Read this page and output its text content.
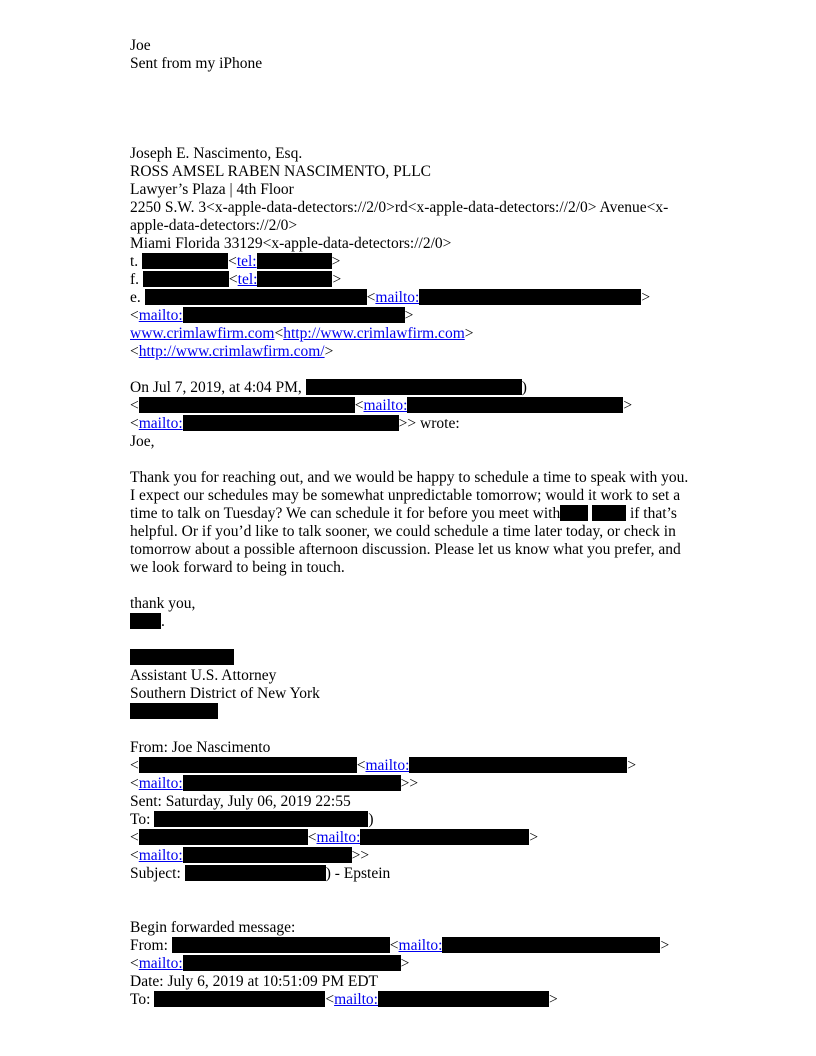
Joe
Sent from my iPhone
Joseph E. Nascimento, Esq.
ROSS AMSEL RABEN NASCIMENTO, PLLC
Lawyer’s Plaza | 4th Floor
2250 S.W. 3<x-apple-data-detectors://2/0>rd<x-apple-data-detectors://2/0> Avenue<x-
apple-data-detectors://2/0>
Miami Florida 33129<x-apple-data-detectors://2/0>
t.	<tel:	>
f.	<tel:	>
e.	<mailto:	>
<mailto:	>
www.crimlawfirm.com<http://www.crimlawfirm.com>
<http://www.crimlawfirm.com/>
On Jul 7, 2019, at 4:04 PM,	)
<	<mailto:	>
<mailto:	>> wrote:
Joe,
Thank you for reaching out, and we would be happy to schedule a time to speak with you. I expect our schedules may be somewhat unpredictable tomorrow; would it work to set a time to talk on Tuesday? We can schedule it for before you meet with	if that’s helpful. Or if you’d like to talk sooner, we could schedule a time later today, or check in tomorrow about a possible afternoon discussion. Please let us know what you prefer, and we look forward to being in touch.
thank you,
.
Assistant U.S. Attorney
Southern District of New York
From: Joe Nascimento
<	<mailto:	>
<mailto:	>>
Sent: Saturday, July 06, 2019 22:55
To:	)
<	<mailto:	>
<mailto:	>>
Subject:	) - Epstein
Begin forwarded message:
From:	<mailto:	>
<mailto:	>
Date: July 6, 2019 at 10:51:09 PM EDT
To:	<mailto:	>
